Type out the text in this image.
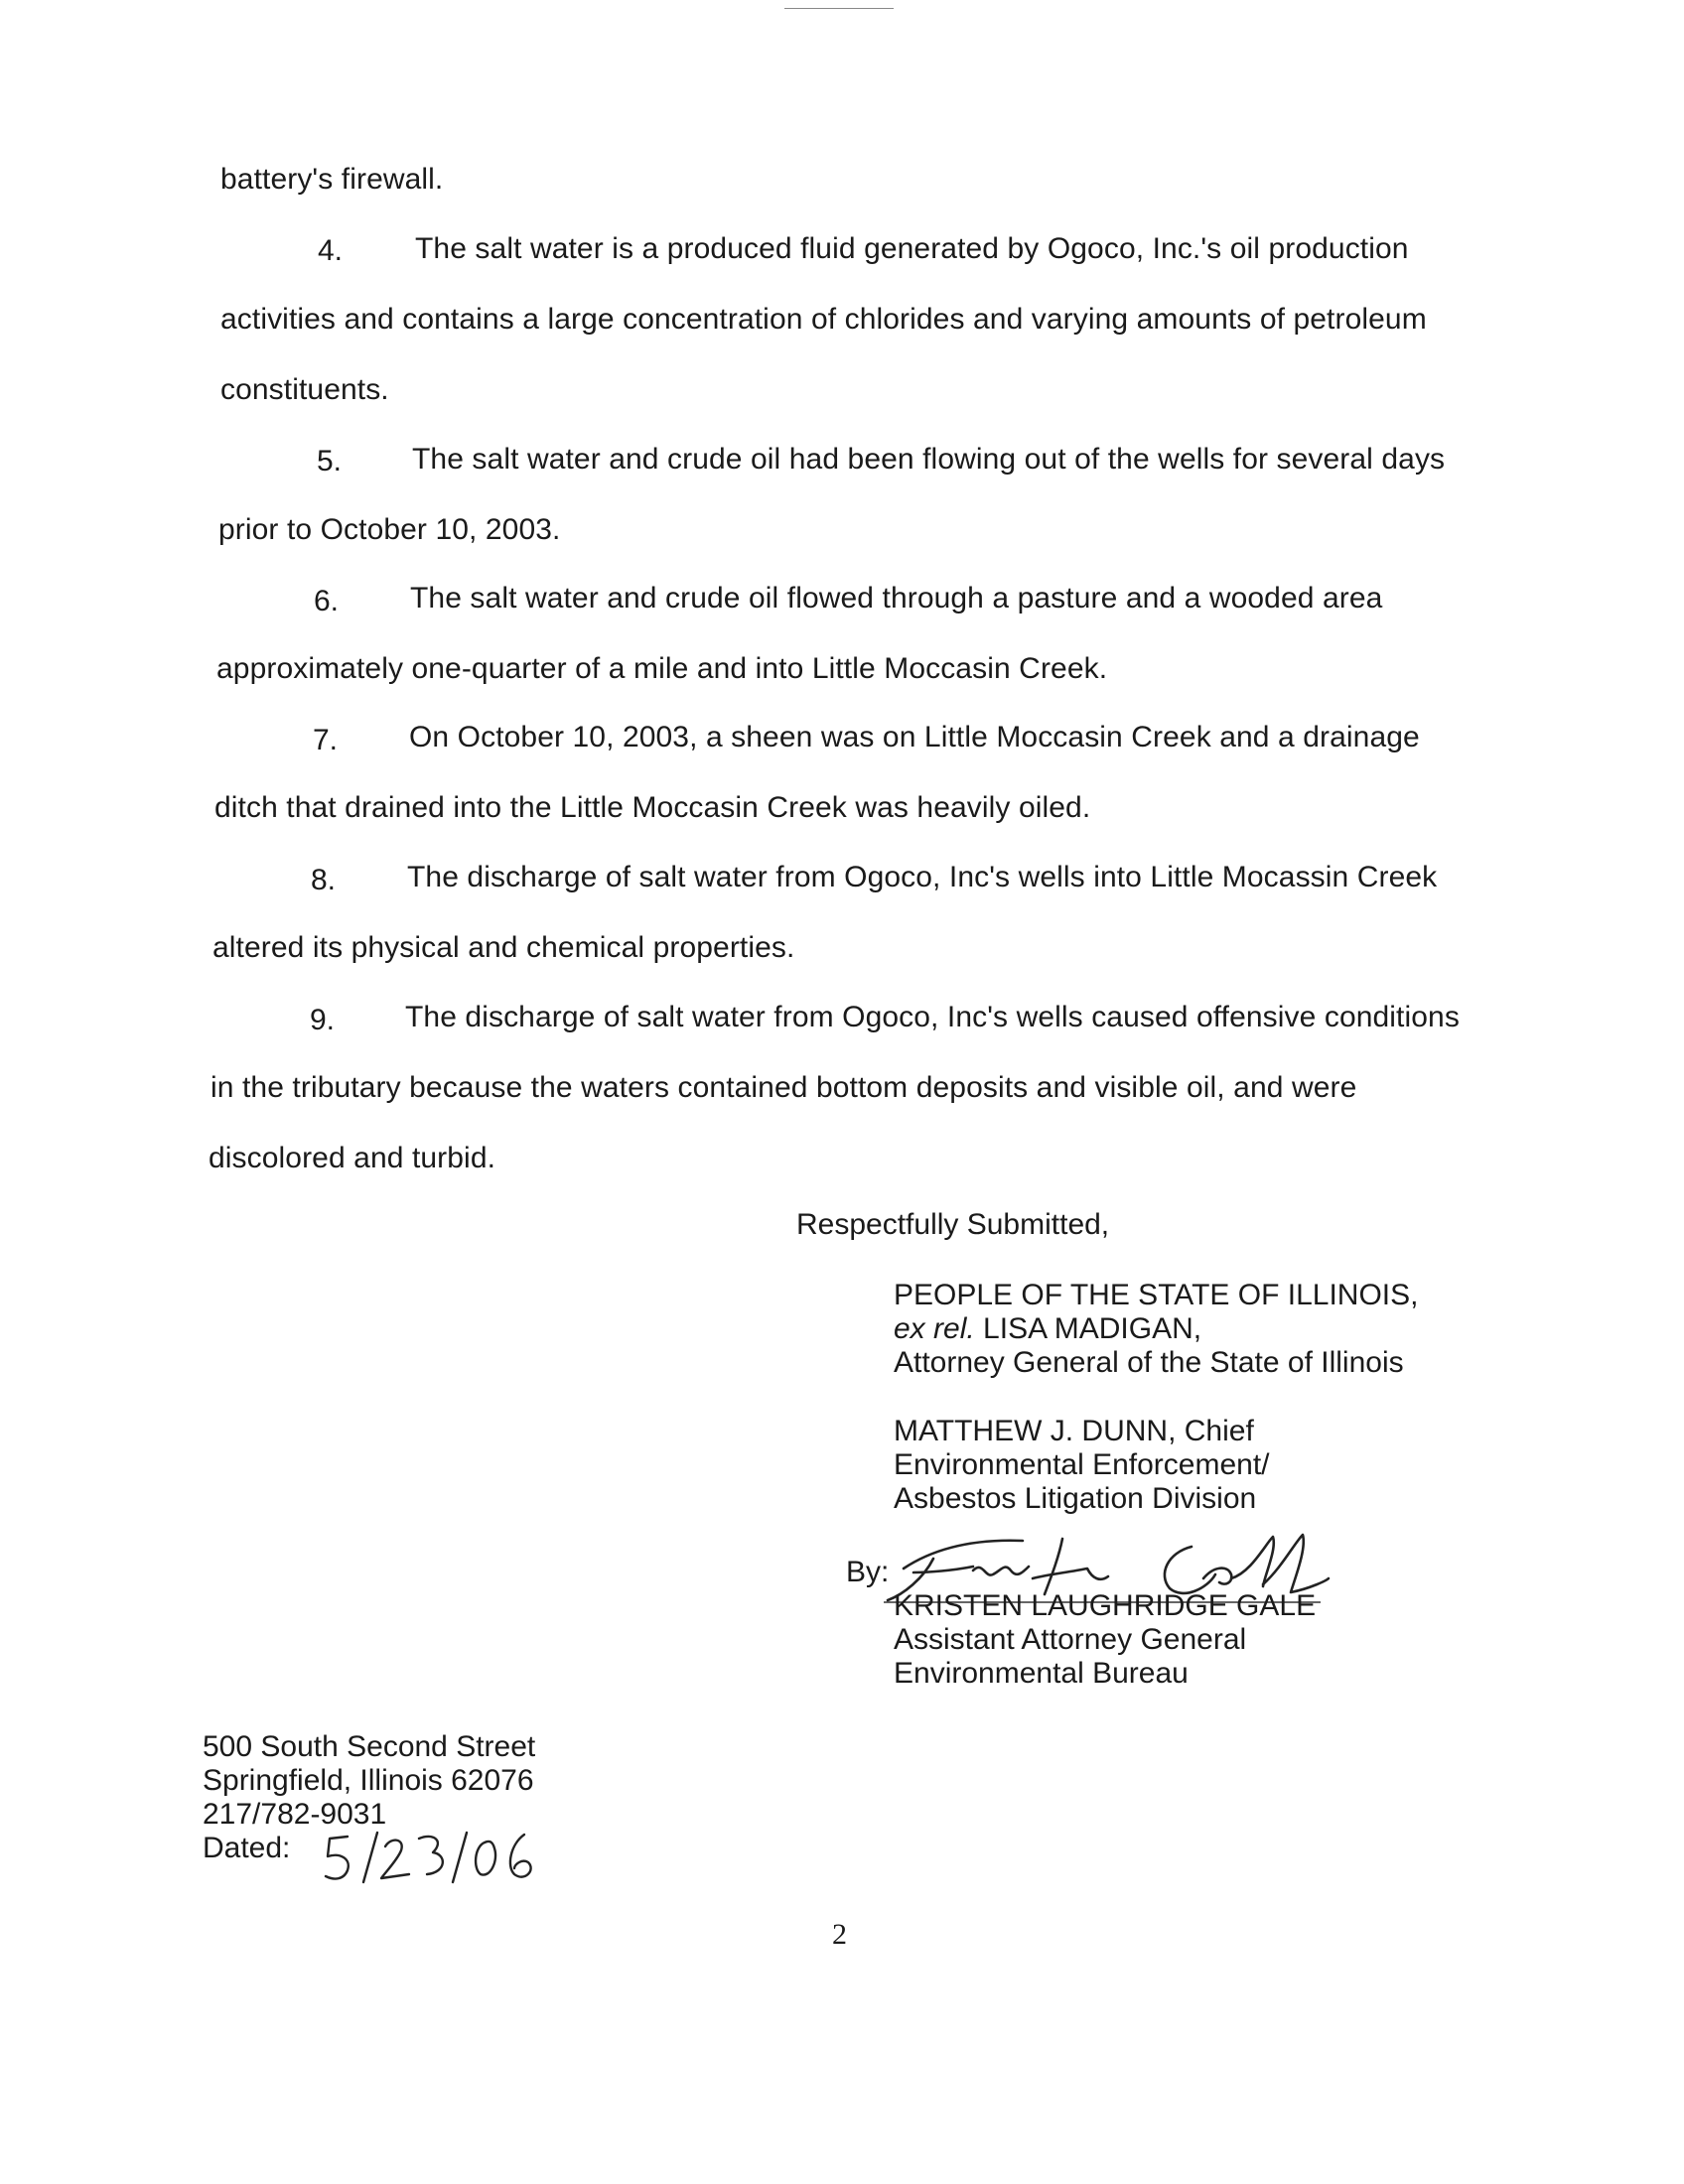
battery's firewall.
4. The salt water is a produced fluid generated by Ogoco, Inc.'s oil production
activities and contains a large concentration of chlorides and varying amounts of petroleum
constituents.
5. The salt water and crude oil had been flowing out of the wells for several days
prior to October 10, 2003.
6. The salt water and crude oil flowed through a pasture and a wooded area
approximately one-quarter of a mile and into Little Moccasin Creek.
7. On October 10, 2003, a sheen was on Little Moccasin Creek and a drainage
ditch that drained into the Little Moccasin Creek was heavily oiled.
8. The discharge of salt water from Ogoco, Inc's wells into Little Mocassin Creek
altered its physical and chemical properties.
9. The discharge of salt water from Ogoco, Inc's wells caused offensive conditions
in the tributary because the waters contained bottom deposits and visible oil, and were
discolored and turbid.
Respectfully Submitted,
PEOPLE OF THE STATE OF ILLINOIS,
ex rel. LISA MADIGAN,
Attorney General of the State of Illinois
MATTHEW J. DUNN, Chief
Environmental Enforcement/
Asbestos Litigation Division
By:
KRISTEN LAUGHRIDGE GALE
Assistant Attorney General
Environmental Bureau
500 South Second Street
Springfield, Illinois 62076
217/782-9031
Dated:
2
